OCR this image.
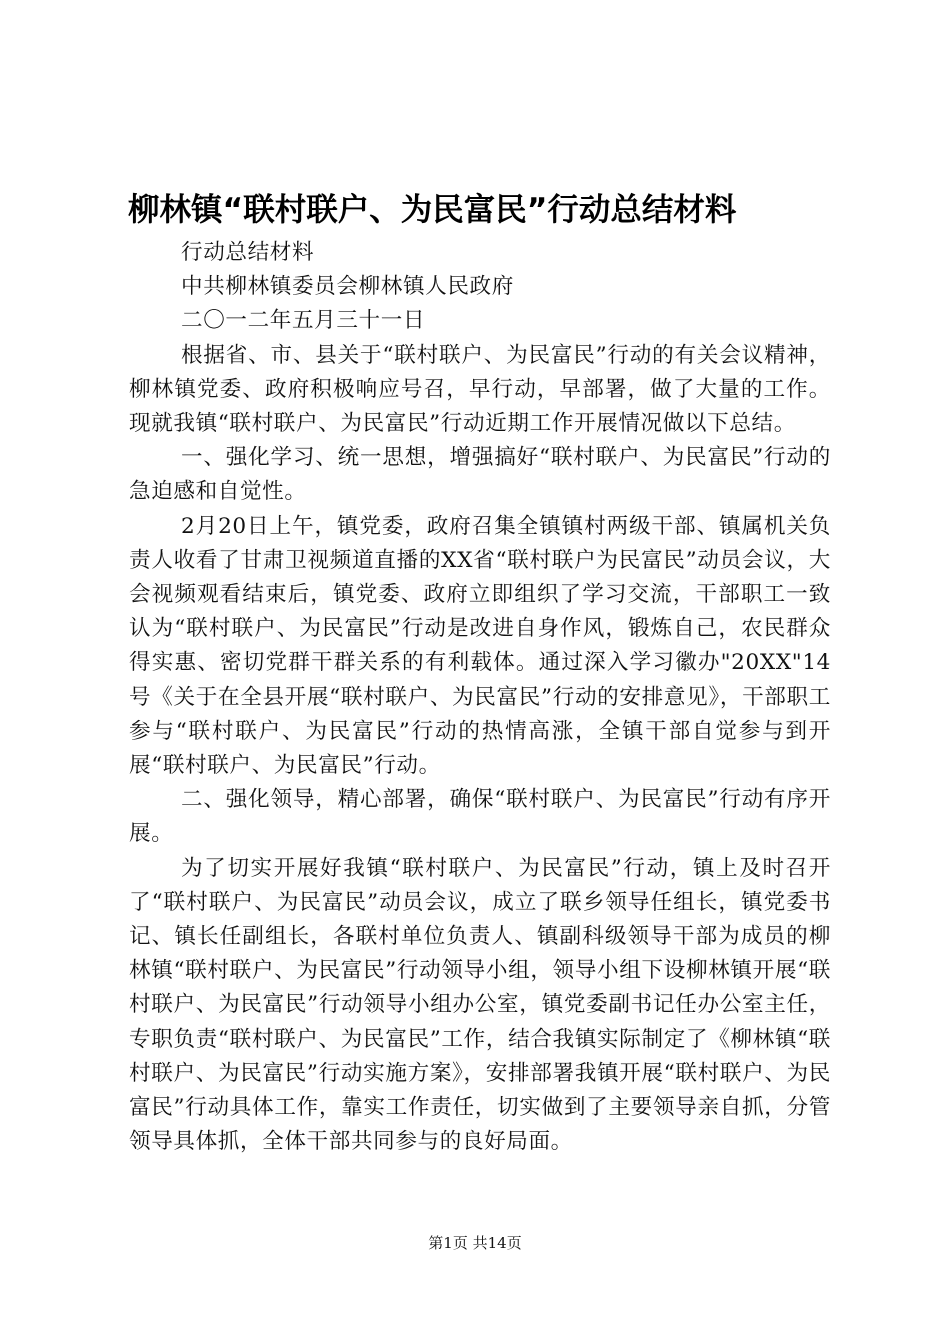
柳林镇“联村联户、为民富民”行动总结材料

行动总结材料

中共柳林镇委员会柳林镇人民政府

二〇一二年五月三十一日

根据省、市、县关于“联村联户、为民富民”行动的有关会议精神，柳林镇党委、政府积极响应号召，早行动，早部署，做了大量的工作。现就我镇“联村联户、为民富民”行动近期工作开展情况做以下总结。

一、强化学习、统一思想，增强搞好“联村联户、为民富民”行动的急迫感和自觉性。

2月20日上午，镇党委，政府召集全镇镇村两级干部、镇属机关负责人收看了甘肃卫视频道直播的XX省“联村联户为民富民”动员会议，大会视频观看结束后，镇党委、政府立即组织了学习交流，干部职工一致认为“联村联户、为民富民”行动是改进自身作风，锻炼自己，农民群众得实惠、密切党群干群关系的有利载体。通过深入学习徽办"20XX"14号《关于在全县开展“联村联户、为民富民”行动的安排意见》，干部职工参与“联村联户、为民富民”行动的热情高涨，全镇干部自觉参与到开展“联村联户、为民富民”行动。

二、强化领导，精心部署，确保“联村联户、为民富民”行动有序开展。

为了切实开展好我镇“联村联户、为民富民”行动，镇上及时召开了“联村联户、为民富民”动员会议，成立了联乡领导任组长，镇党委书记、镇长任副组长，各联村单位负责人、镇副科级领导干部为成员的柳林镇“联村联户、为民富民”行动领导小组，领导小组下设柳林镇开展“联村联户、为民富民”行动领导小组办公室，镇党委副书记任办公室主任，专职负责“联村联户、为民富民”工作，结合我镇实际制定了《柳林镇“联村联户、为民富民”行动实施方案》，安排部署我镇开展“联村联户、为民富民”行动具体工作，靠实工作责任，切实做到了主要领导亲自抓，分管领导具体抓，全体干部共同参与的良好局面。

第1页 共14页
